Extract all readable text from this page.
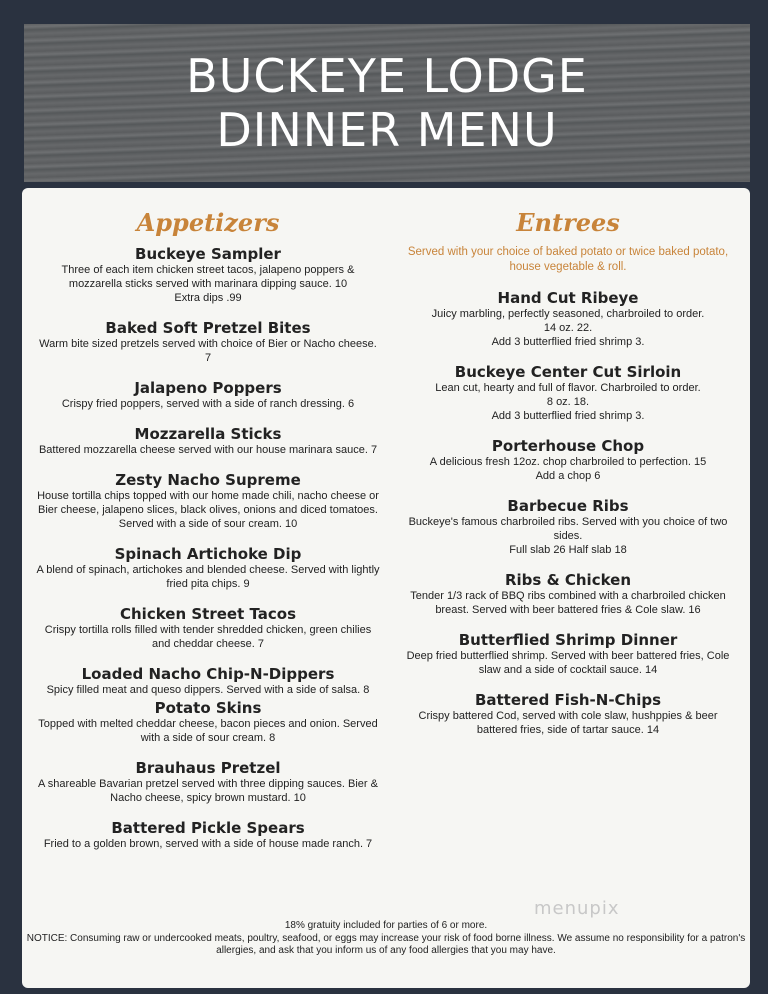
BUCKEYE LODGE
DINNER MENU
Appetizers

Buckeye Sampler

Three of each item chicken street tacos, jalapeno poppers & mozzarella sticks served with marinara dipping sauce. 10

Extra dips .99

Baked Soft Pretzel Bites

Warm bite sized pretzels served with choice of Bier or Nacho cheese. 7

Jalapeno Poppers

Crispy fried poppers, served with a side of ranch dressing. 6

Mozzarella Sticks

Battered mozzarella cheese served with our house marinara sauce. 7

Zesty Nacho Supreme

House tortilla chips topped with our home made chili, nacho cheese or Bier cheese, jalapeno slices, black olives, onions and diced tomatoes. Served with a side of sour cream. 10

Spinach Artichoke Dip

A blend of spinach, artichokes and blended cheese. Served with lightly fried pita chips. 9

Chicken Street Tacos

Crispy tortilla rolls filled with tender shredded chicken, green chilies and cheddar cheese. 7

Loaded Nacho Chip-N-Dippers

Spicy filled meat and queso dippers. Served with a side of salsa. 8

Potato Skins

Topped with melted cheddar cheese, bacon pieces and onion. Served with a side of sour cream. 8

Brauhaus Pretzel

A shareable Bavarian pretzel served with three dipping sauces. Bier & Nacho cheese, spicy brown mustard. 10

Battered Pickle Spears

Fried to a golden brown, served with a side of house made ranch. 7

Entrees

Served with your choice of baked potato or twice baked potato, house vegetable & roll.

Hand Cut Ribeye

Juicy marbling, perfectly seasoned, charbroiled to order.

14 oz. 22.

Add 3 butterflied fried shrimp 3.

Buckeye Center Cut Sirloin

Lean cut, hearty and full of flavor. Charbroiled to order.

8 oz. 18.

Add 3 butterflied fried shrimp 3.

Porterhouse Chop

A delicious fresh 12oz. chop charbroiled to perfection. 15

Add a chop 6

Barbecue Ribs

Buckeye's famous charbroiled ribs. Served with you choice of two sides.

Full slab 26 Half slab 18

Ribs & Chicken

Tender 1/3 rack of BBQ ribs combined with a charbroiled chicken breast. Served with beer battered fries & Cole slaw. 16

Butterflied Shrimp Dinner

Deep fried butterflied shrimp. Served with beer battered fries, Cole slaw and a side of cocktail sauce. 14

Battered Fish-N-Chips

Crispy battered Cod, served with cole slaw, hushppies & beer battered fries, side of tartar sauce. 14

menupix
18% gratuity included for parties of 6 or more.
NOTICE: Consuming raw or undercooked meats, poultry, seafood, or eggs may increase your risk of food borne illness. We assume no responsibility for a patron's allergies, and ask that you inform us of any food allergies that you may have.
